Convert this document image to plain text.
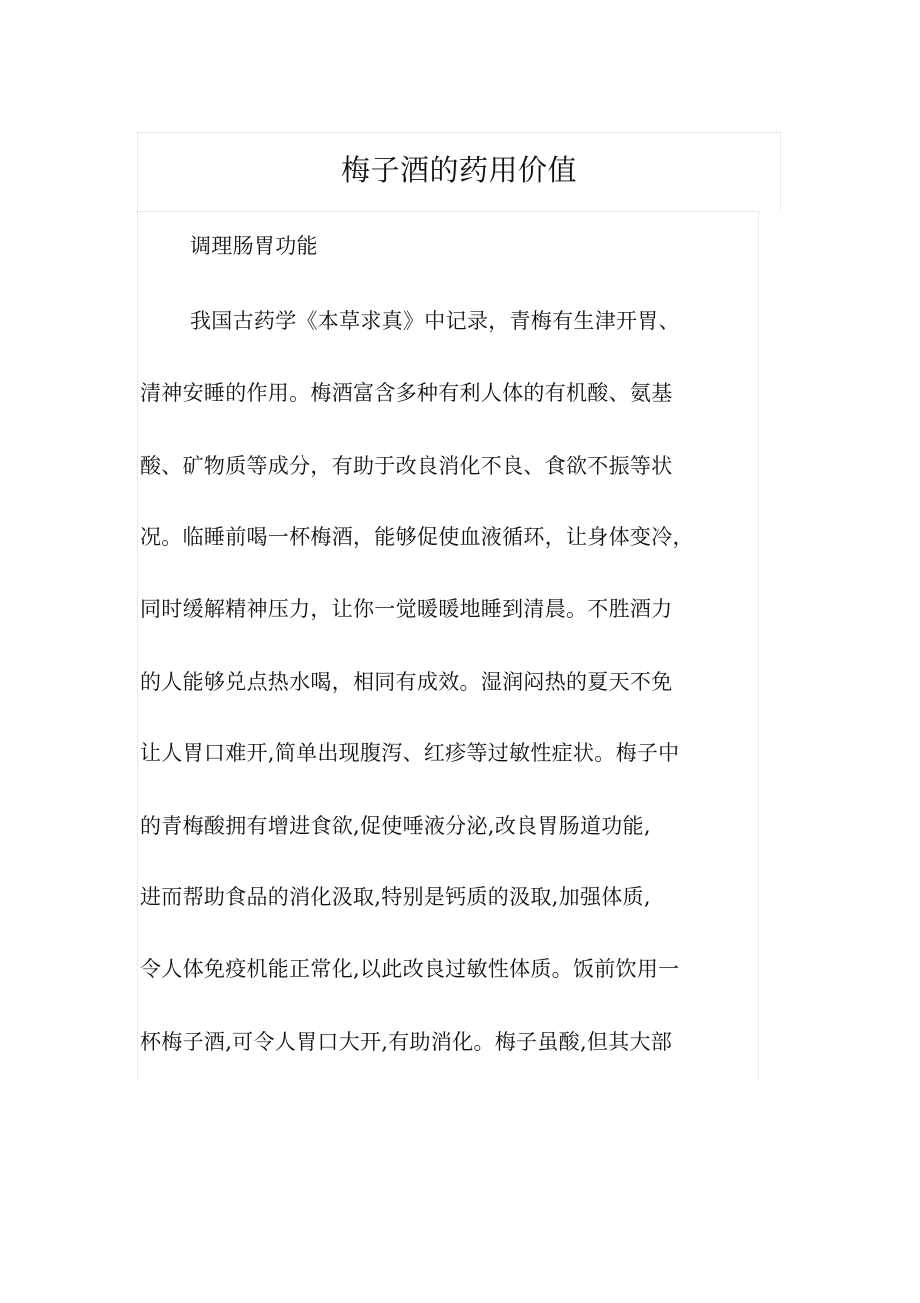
梅子酒的药用价值

调理肠胃功能

我国古药学《本草求真》中记录，青梅有生津开胃、

清神安睡的作用。梅酒富含多种有利人体的有机酸、氨基

酸、矿物质等成分，有助于改良消化不良、食欲不振等状

况。临睡前喝一杯梅酒，能够促使血液循环，让身体变冷，

同时缓解精神压力，让你一觉暖暖地睡到清晨。不胜酒力

的人能够兑点热水喝，相同有成效。湿润闷热的夏天不免

让人胃口难开,简单出现腹泻、红疹等过敏性症状。梅子中

的青梅酸拥有增进食欲,促使唾液分泌,改良胃肠道功能,

进而帮助食品的消化汲取,特别是钙质的汲取,加强体质,

令人体免疫机能正常化,以此改良过敏性体质。饭前饮用一

杯梅子酒,可令人胃口大开,有助消化。梅子虽酸,但其大部
